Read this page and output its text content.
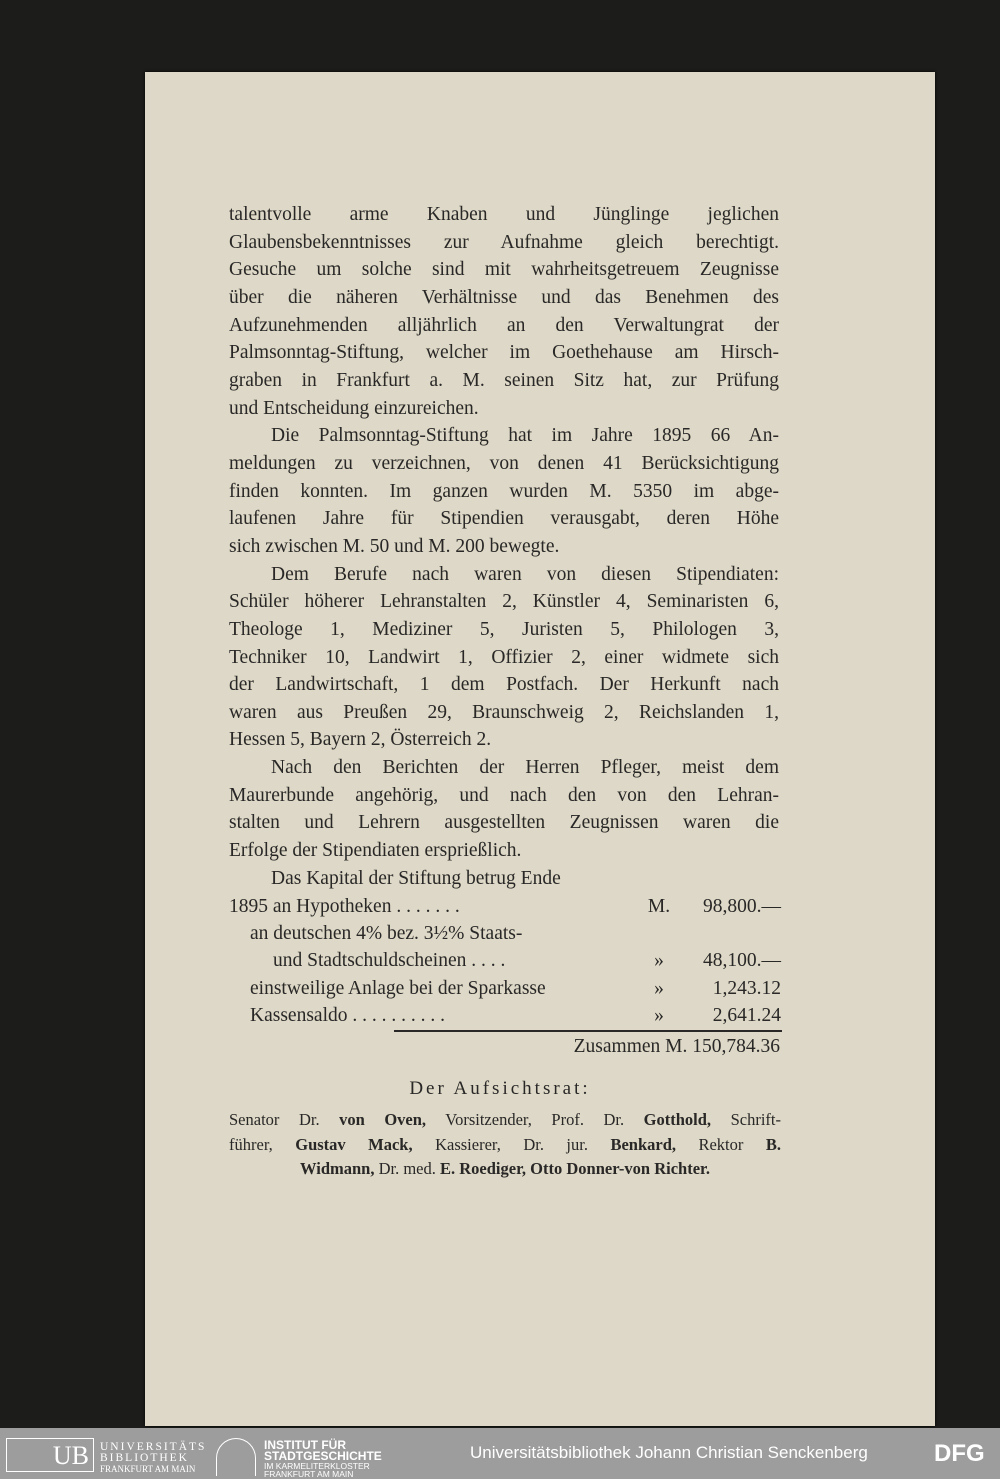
talentvolle arme Knaben und Jünglinge jeglichen
Glaubensbekenntnisses zur Aufnahme gleich berechtigt.
Gesuche um solche sind mit wahrheitsgetreuem Zeugnisse
über die näheren Verhältnisse und das Benehmen des
Aufzunehmenden alljährlich an den Verwaltungrat der
Palmsonntag-Stiftung, welcher im Goethehause am Hirsch-
graben in Frankfurt a. M. seinen Sitz hat, zur Prüfung
und Entscheidung einzureichen.
Die Palmsonntag-Stiftung hat im Jahre 1895 66 An-
meldungen zu verzeichnen, von denen 41 Berücksichtigung
finden konnten. Im ganzen wurden M. 5350 im abge-
laufenen Jahre für Stipendien verausgabt, deren Höhe
sich zwischen M. 50 und M. 200 bewegte.
Dem Berufe nach waren von diesen Stipendiaten:
Schüler höherer Lehranstalten 2, Künstler 4, Seminaristen 6,
Theologe 1, Mediziner 5, Juristen 5, Philologen 3,
Techniker 10, Landwirt 1, Offizier 2, einer widmete sich
der Landwirtschaft, 1 dem Postfach. Der Herkunft nach
waren aus Preußen 29, Braunschweig 2, Reichslanden 1,
Hessen 5, Bayern 2, Österreich 2.
Nach den Berichten der Herren Pfleger, meist dem
Maurerbunde angehörig, und nach den von den Lehran-
stalten und Lehrern ausgestellten Zeugnissen waren die
Erfolge der Stipendiaten ersprießlich.
Das Kapital der Stiftung betrug Ende
1895 an Hypotheken . . . . . . .	M.	98,800.—
an deutschen 4% bez. 3½% Staats-
und Stadtschuldscheinen . . . .	»	48,100.—
einstweilige Anlage bei der Sparkasse	»	1,243.12
Kassensaldo . . . . . . . . . .	»	2,641.24
Zusammen M. 150,784.36
Der Aufsichtsrat:
Senator Dr. von Oven, Vorsitzender, Prof. Dr. Gotthold, Schrift-
führer, Gustav Mack, Kassierer, Dr. jur. Benkard, Rektor B.
Widmann, Dr. med. E. Roediger, Otto Donner-von Richter.
UB UNIVERSITÄTS
BIBLIOTHEK
FRANKFURT AM MAIN
INSTITUT FÜR
STADTGESCHICHTE
IM KARMELITERKLOSTER
FRANKFURT AM MAIN
Universitätsbibliothek Johann Christian Senckenberg	DFG
